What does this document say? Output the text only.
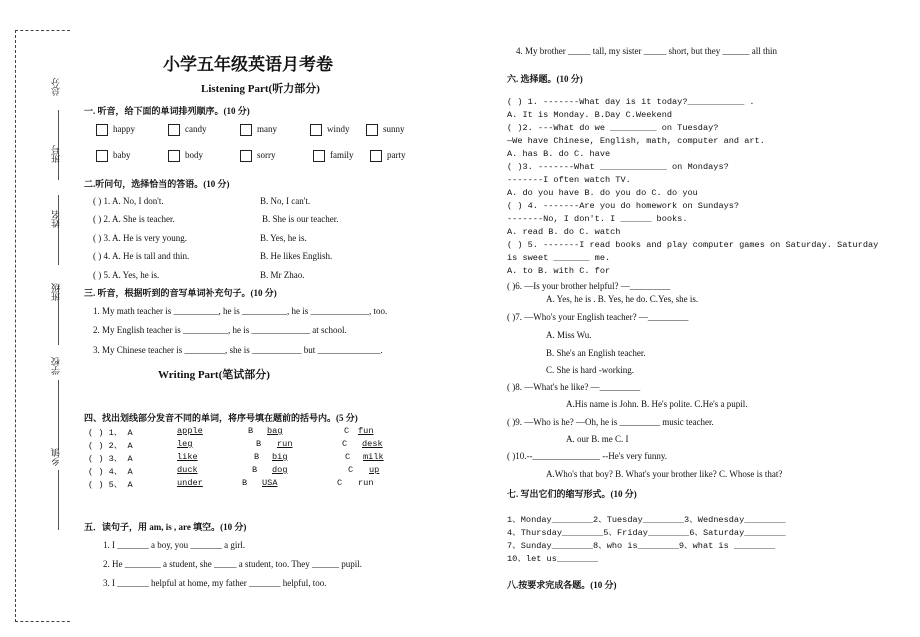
总分
班号
姓名
班级
学校
乡镇
小学五年级英语月考卷
Listening Part(听力部分)
一. 听音，给下面的单词排列顺序。(10 分)
happy	candy	many	windy	sunny
baby	body	sorry	family	party
二.听问句，选择恰当的答语。(10 分)
( ) 1. A. No, I don't.	B. No, I can't.
( ) 2. A. She is teacher.	B. She is our teacher.
( ) 3. A. He is very young.	B. Yes, he is.
( ) 4. A. He is tall and thin.	B. He likes English.
( ) 5. A. Yes, he is.	B. Mr Zhao.
三. 听音，根据听到的音写单词补充句子。(10 分)
1. My math teacher is __________, he is __________, he is _____________, too.
2. My English teacher is __________, he is _____________ at school.
3. My Chinese teacher is _________, she is ___________ but ______________.
Writing Part(笔试部分)
四、找出划线部分发音不同的单词，将序号填在题前的括号内。(5 分)
( ) 1、 A	apple	B bag	C fun
( ) 2、 A	leg	B run	C desk
( ) 3、 A	like	B big	C milk
( ) 4、 A	duck	B dog	C up
( ) 5、 A	under	B USA	C run
五．读句子，用 am, is , are 填空。(10 分)
1. I _______ a boy, you _______ a girl.
2. He ________ a student, she _____ a student, too. They ______ pupil.
3. I _______ helpful at home, my father _______ helpful, too.
4. My brother _____ tall, my sister _____ short, but they ______ all thin
六. 选择题。(10 分)
( ) 1. -------What day is it today?___________ .
A. It is Monday. B.Day C.Weekend
( )2. ---What do we _________ on Tuesday?
—We have Chinese, English, math, computer and art.
A. has B. do C. have
( )3. -------What _____________ on Mondays?
-------I often watch TV.
A. do you have B. do you do C. do you
( ) 4. -------Are you do homework on Sundays?
-------No, I don't. I ______ books.
A. read B. do C. watch
( ) 5. -------I read books and play computer games on Saturday. Saturday
is sweet _______ me.
A. to B. with C. for
( )6. —Is your brother helpful? —_________
A. Yes, he is . B. Yes, he do. C.Yes, she is.
( )7. —Who's your English teacher? —_________
A. Miss Wu.
B. She's an English teacher.
C. She is hard -working.
( )8. —What's he like? —_________
A.His name is John. B. He's polite. C.He's a pupil.
( )9. —Who is he? —Oh, he is _________ music teacher.
A. our B. me C. I
( )10.--_______________ --He's very funny.
A.Who's that boy? B. What's your brother like? C. Whose is that?
七. 写出它们的缩写形式。(10 分)
1、Monday________2、Tuesday________3、Wednesday________
4、Thursday________5、Friday________6、Saturday________
7、Sunday________8、who is________9、what is ________
10、let us________
八.按要求完成各题。(10 分)
